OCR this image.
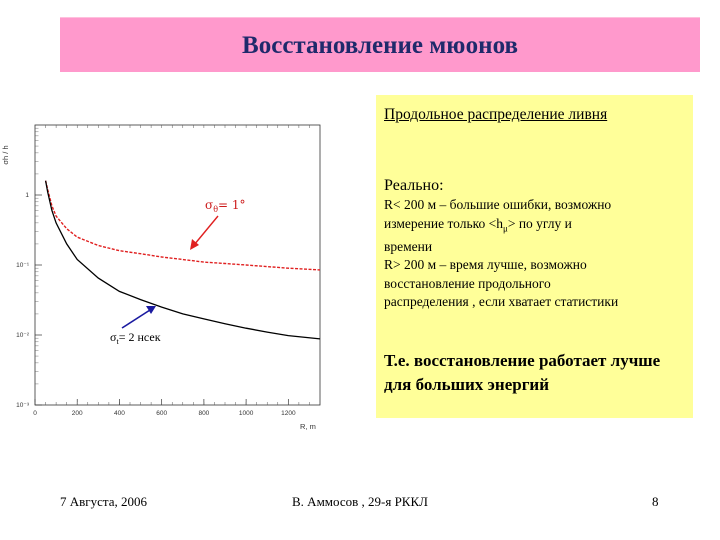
Восстановление мюонов
0	200	400	600	800	1000	1200
1
10⁻¹
10⁻²
10⁻³
R, m
σh / h
$\sigma_\theta= 1^\circ$
$\sigma_t= 2$ нсек
Продольное распределение ливня
Реально:
R< 200 м – большие ошибки, возможно
измерение только $<h_\mu>$ по углу и
времени
R> 200 м – время лучше, возможно
восстановление продольного
распределения , если хватает статистики
Т.е. восстановление работает лучше для больших энергий
7 Августа, 2006	В. Аммосов , 29-я РККЛ	8
